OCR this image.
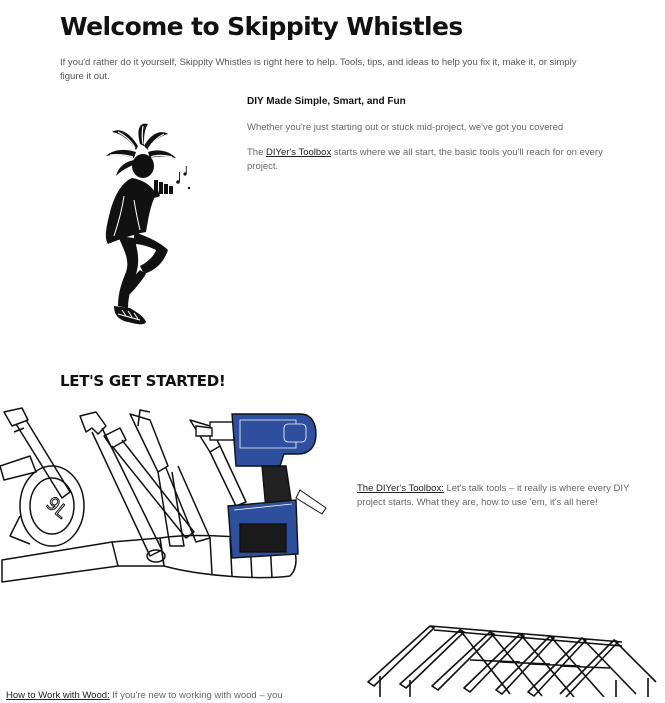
Welcome to Skippity Whistles
If you'd rather do it yourself, Skippity Whistles is right here to help. Tools, tips, and ideas to help you fix it, make it, or simply figure it out.
DIY Made Simple, Smart, and Fun
Whether you're just starting out or stuck mid-project, we've got you covered
The DIYer's Toolbox starts where we all start, the basic tools you'll reach for on every project.
LET'S GET STARTED!
9L
The DIYer's Toolbox: Let's talk tools – it really is where every DIY project starts. What they are, how to use 'em, it's all here!
How to Work with Wood: If you're new to working with wood – you
